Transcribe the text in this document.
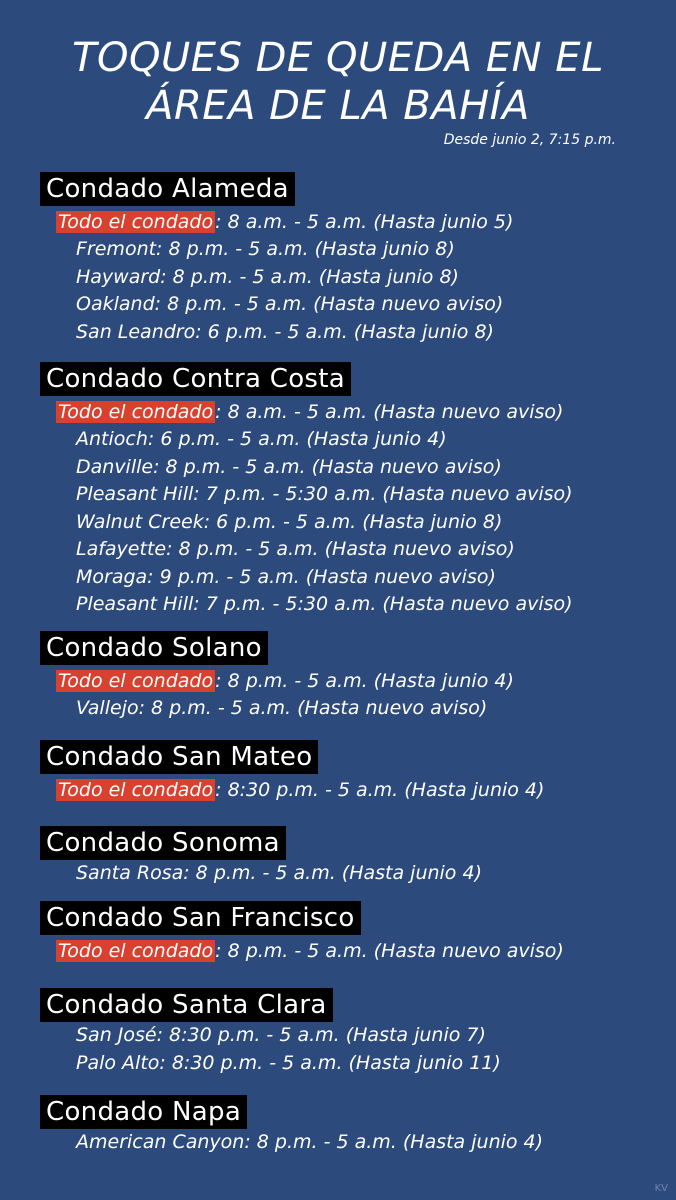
TOQUES DE QUEDA EN EL
ÁREA DE LA BAHÍA
Desde junio 2, 7:15 p.m.
Condado Alameda
Todo el condado : 8 a.m. - 5 a.m. (Hasta junio 5)
Fremont: 8 p.m. - 5 a.m. (Hasta junio 8)
Hayward: 8 p.m. - 5 a.m. (Hasta junio 8)
Oakland: 8 p.m. - 5 a.m. (Hasta nuevo aviso)
San Leandro: 6 p.m. - 5 a.m. (Hasta junio 8)
Condado Contra Costa
Todo el condado : 8 a.m. - 5 a.m. (Hasta nuevo aviso)
Antioch: 6 p.m. - 5 a.m. (Hasta junio 4)
Danville: 8 p.m. - 5 a.m. (Hasta nuevo aviso)
Pleasant Hill: 7 p.m. - 5:30 a.m. (Hasta nuevo aviso)
Walnut Creek: 6 p.m. - 5 a.m. (Hasta junio 8)
Lafayette: 8 p.m. - 5 a.m. (Hasta nuevo aviso)
Moraga: 9 p.m. - 5 a.m. (Hasta nuevo aviso)
Pleasant Hill: 7 p.m. - 5:30 a.m. (Hasta nuevo aviso)
Condado Solano
Todo el condado : 8 p.m. - 5 a.m. (Hasta junio 4)
Vallejo: 8 p.m. - 5 a.m. (Hasta nuevo aviso)
Condado San Mateo
Todo el condado : 8:30 p.m. - 5 a.m. (Hasta junio 4)
Condado Sonoma
Santa Rosa: 8 p.m. - 5 a.m. (Hasta junio 4)
Condado San Francisco
Todo el condado : 8 p.m. - 5 a.m. (Hasta nuevo aviso)
Condado Santa Clara
San José: 8:30 p.m. - 5 a.m. (Hasta junio 7)
Palo Alto: 8:30 p.m. - 5 a.m. (Hasta junio 11)
Condado Napa
American Canyon: 8 p.m. - 5 a.m. (Hasta junio 4)
KV
